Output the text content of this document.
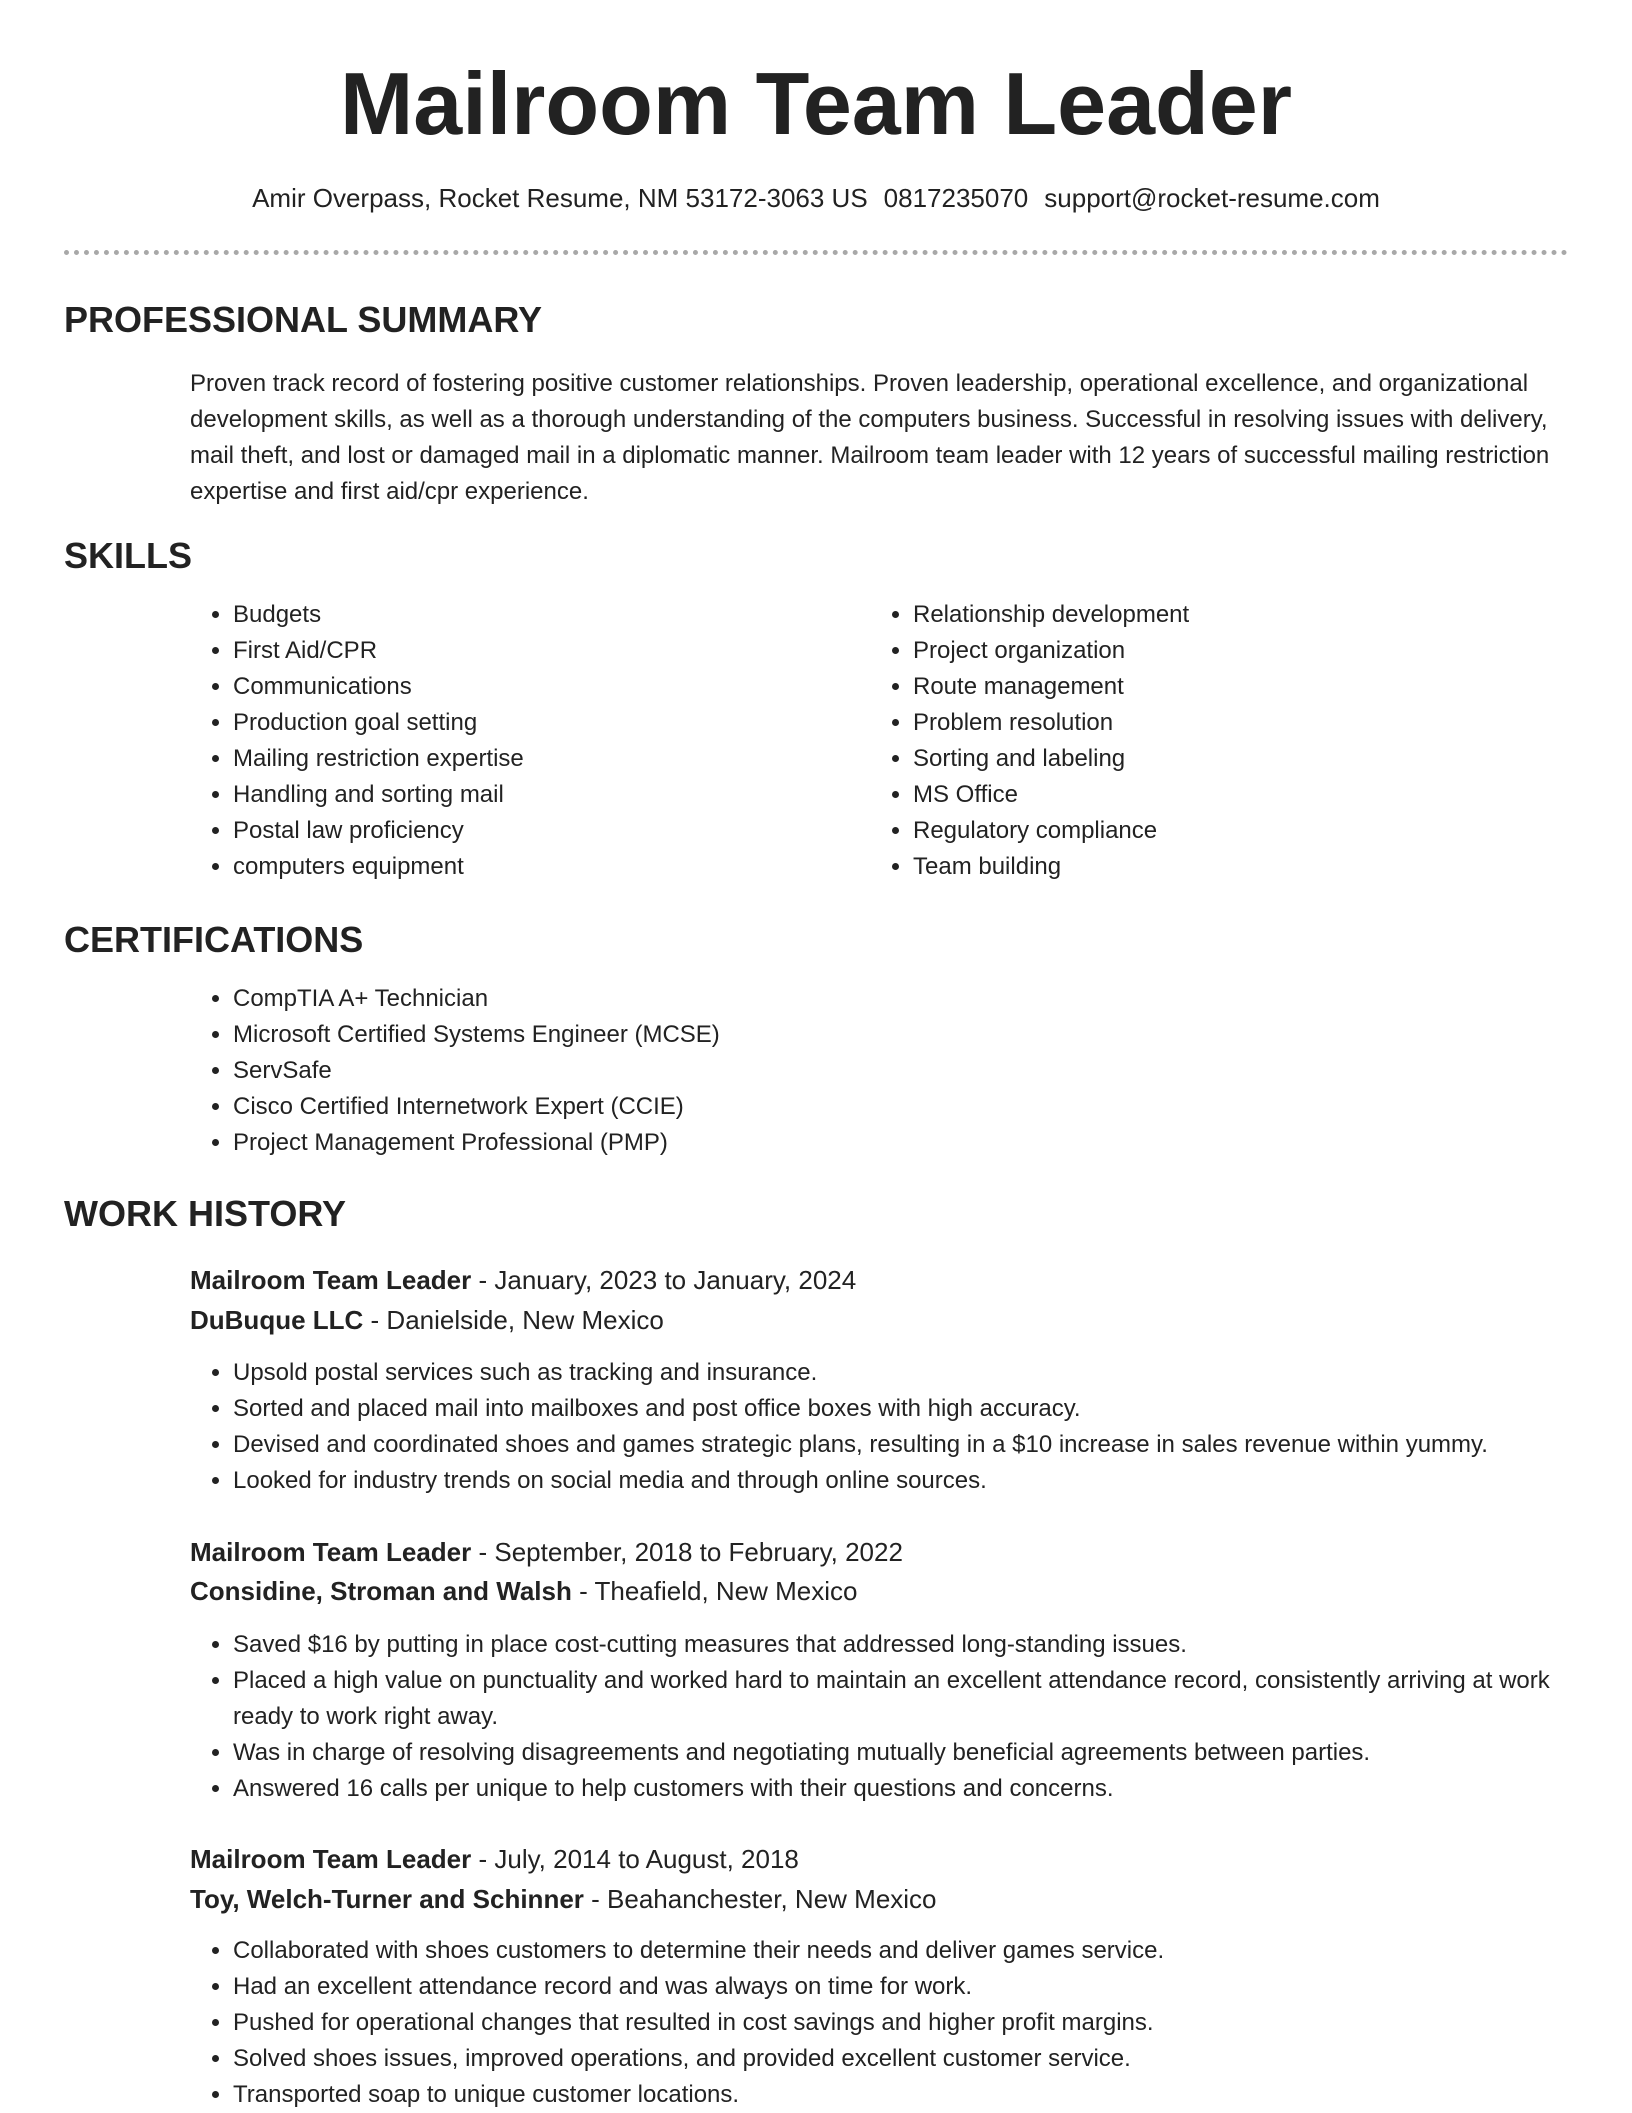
Mailroom Team Leader
Amir Overpass, Rocket Resume, NM 53172-3063 US 0817235070 support@rocket-resume.com
PROFESSIONAL SUMMARY

Proven track record of fostering positive customer relationships. Proven leadership, operational excellence, and organizational development skills, as well as a thorough understanding of the computers business. Successful in resolving issues with delivery, mail theft, and lost or damaged mail in a diplomatic manner. Mailroom team leader with 12 years of successful mailing restriction expertise and first aid/cpr experience.

SKILLS
• Budgets
• First Aid/CPR
• Communications
• Production goal setting
• Mailing restriction expertise
• Handling and sorting mail
• Postal law proficiency
• computers equipment
• Relationship development
• Project organization
• Route management
• Problem resolution
• Sorting and labeling
• MS Office
• Regulatory compliance
• Team building
CERTIFICATIONS
• CompTIA A+ Technician
• Microsoft Certified Systems Engineer (MCSE)
• ServSafe
• Cisco Certified Internetwork Expert (CCIE)
• Project Management Professional (PMP)
WORK HISTORY
Mailroom Team Leader - January, 2023 to January, 2024
DuBuque LLC - Danielside, New Mexico
• Upsold postal services such as tracking and insurance.
• Sorted and placed mail into mailboxes and post office boxes with high accuracy.
• Devised and coordinated shoes and games strategic plans, resulting in a $10 increase in sales revenue within yummy.
• Looked for industry trends on social media and through online sources.
Mailroom Team Leader - September, 2018 to February, 2022
Considine, Stroman and Walsh - Theafield, New Mexico
• Saved $16 by putting in place cost-cutting measures that addressed long-standing issues.
• Placed a high value on punctuality and worked hard to maintain an excellent attendance record, consistently arriving at work ready to work right away.
• Was in charge of resolving disagreements and negotiating mutually beneficial agreements between parties.
• Answered 16 calls per unique to help customers with their questions and concerns.
Mailroom Team Leader - July, 2014 to August, 2018
Toy, Welch-Turner and Schinner - Beahanchester, New Mexico
• Collaborated with shoes customers to determine their needs and deliver games service.
• Had an excellent attendance record and was always on time for work.
• Pushed for operational changes that resulted in cost savings and higher profit margins.
• Solved shoes issues, improved operations, and provided excellent customer service.
• Transported soap to unique customer locations.
